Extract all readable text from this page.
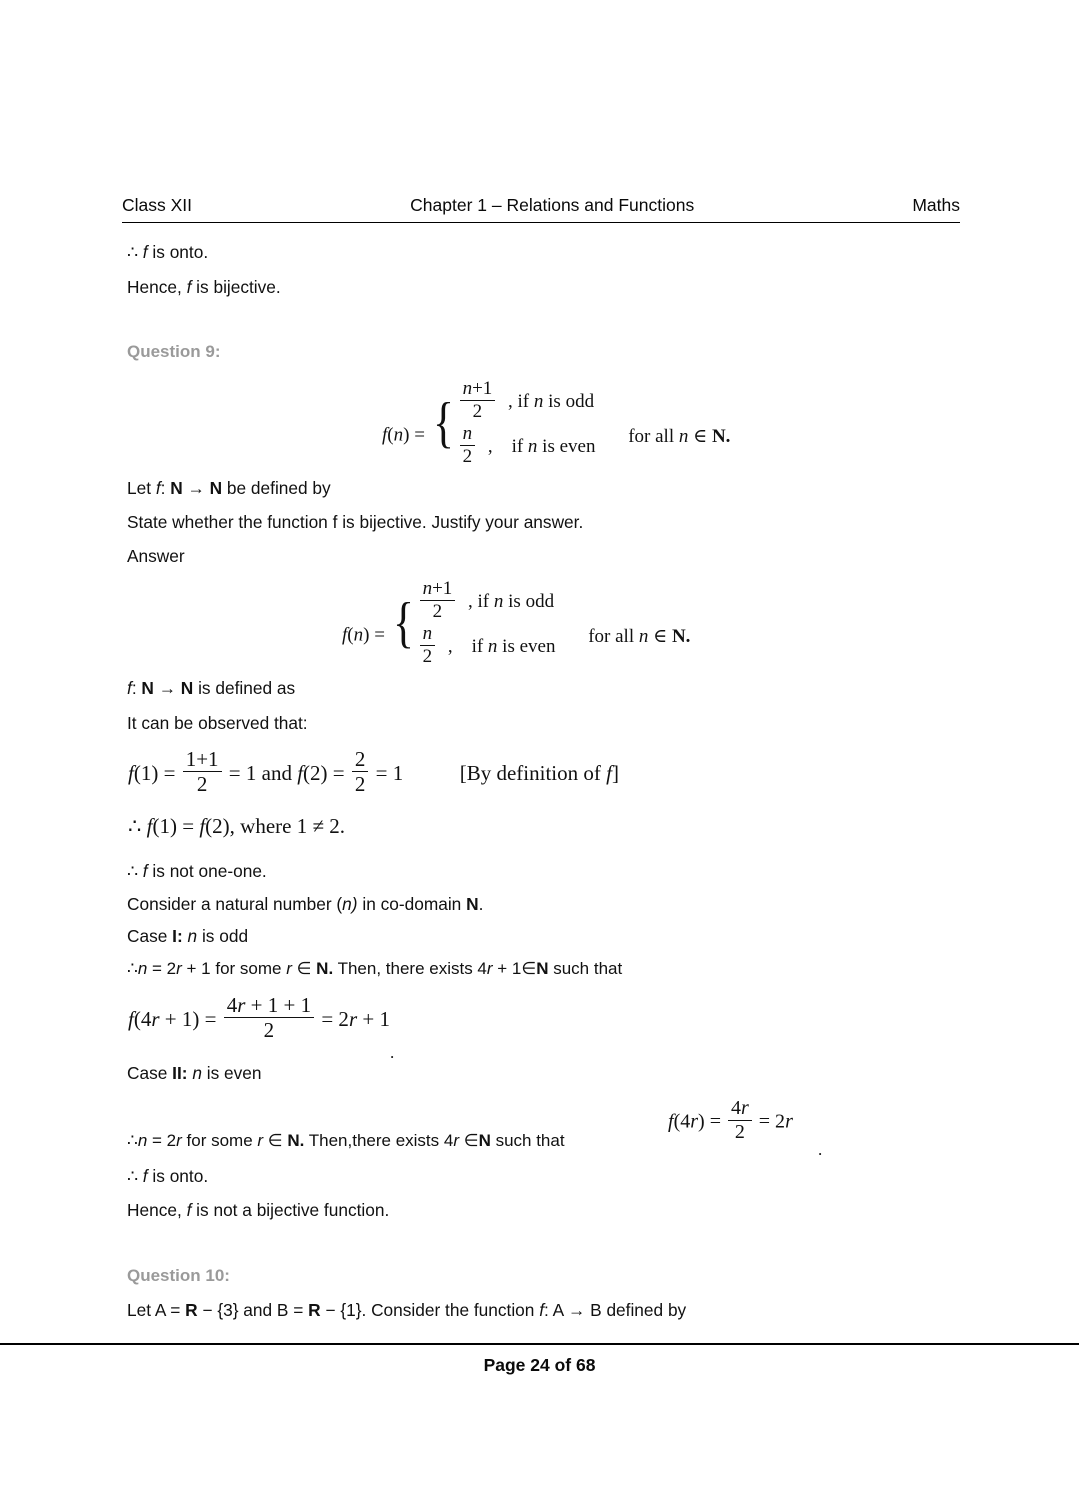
Class XII	Chapter 1 – Relations and Functions	Maths
∴ f is onto.
Hence, f is bijective.
Question 9:
f(n) = { $\frac{n+1}{2}$ , if n is odd
$\frac{n}{2}$ ,    if n is even for all n ∈ N.
Let f: N → N be defined by
State whether the function f is bijective. Justify your answer.
Answer
f(n) = { $\frac{n+1}{2}$ , if n is odd
$\frac{n}{2}$ ,    if n is even for all n ∈ N.
f: N → N is defined as
It can be observed that:
$f(1) = \frac{1+1}{2} = 1$ and $f(2) = \frac{2}{2} = 1$	[By definition of f]
∴ f(1) = f(2), where 1 ≠ 2.
∴ f is not one-one.
Consider a natural number (n) in co-domain N.
Case I: n is odd
∴n = 2r + 1 for some r ∈ N. Then, there exists 4r + 1∈N such that
$f(4r + 1) = \frac{4r + 1 + 1}{2} = 2r + 1$
.
Case II: n is even
$f(4r) = \frac{4r}{2} = 2r$
.
∴n = 2r for some r ∈ N. Then,there exists 4r ∈N such that
∴ f is onto.
Hence, f is not a bijective function.
Question 10:
Let A = R − {3} and B = R − {1}. Consider the function f: A → B defined by
Page 24 of 68
